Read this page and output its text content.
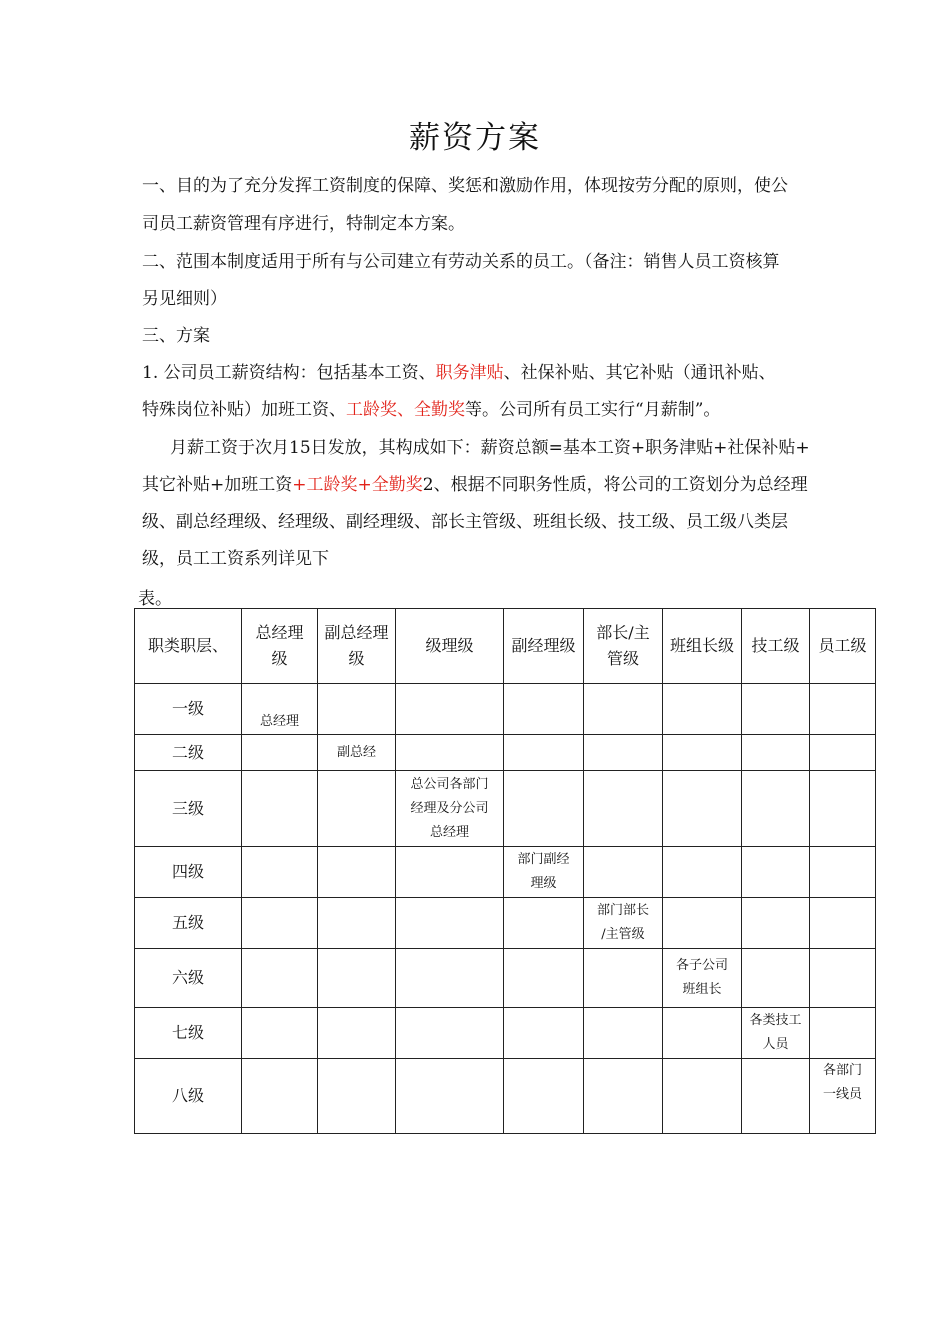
薪资方案
一、目的为了充分发挥工资制度的保障、奖惩和激励作用，体现按劳分配的原则，使公
司员工薪资管理有序进行，特制定本方案。
二、范围本制度适用于所有与公司建立有劳动关系的员工。（备注：销售人员工资核算
另见细则）
三、方案
1. 公司员工薪资结构：包括基本工资、职务津贴、社保补贴、其它补贴（通讯补贴、
特殊岗位补贴）加班工资、工龄奖、全勤奖等。公司所有员工实行“月薪制”。
月薪工资于次月15日发放，其构成如下：薪资总额=基本工资+职务津贴+社保补贴+
其它补贴+加班工资+工龄奖+全勤奖2、根据不同职务性质，将公司的工资划分为总经理
级、副总经理级、经理级、副经理级、部长主管级、班组长级、技工级、员工级八类层
级，员工工资系列详见下
表。
职类职层、	总经理
级	副总经理
级	级理级	副经理级	部长/主
管级	班组长级	技工级	员工级
一级	总经理							

二级		副总经						

三级			总公司各部门
经理及分公司
总经理					

四级				部门副经
理级				

五级					部门部长
/主管级			

六级						各子公司
班组长		

七级							各类技工
人员	

八级								各部门
一线员
